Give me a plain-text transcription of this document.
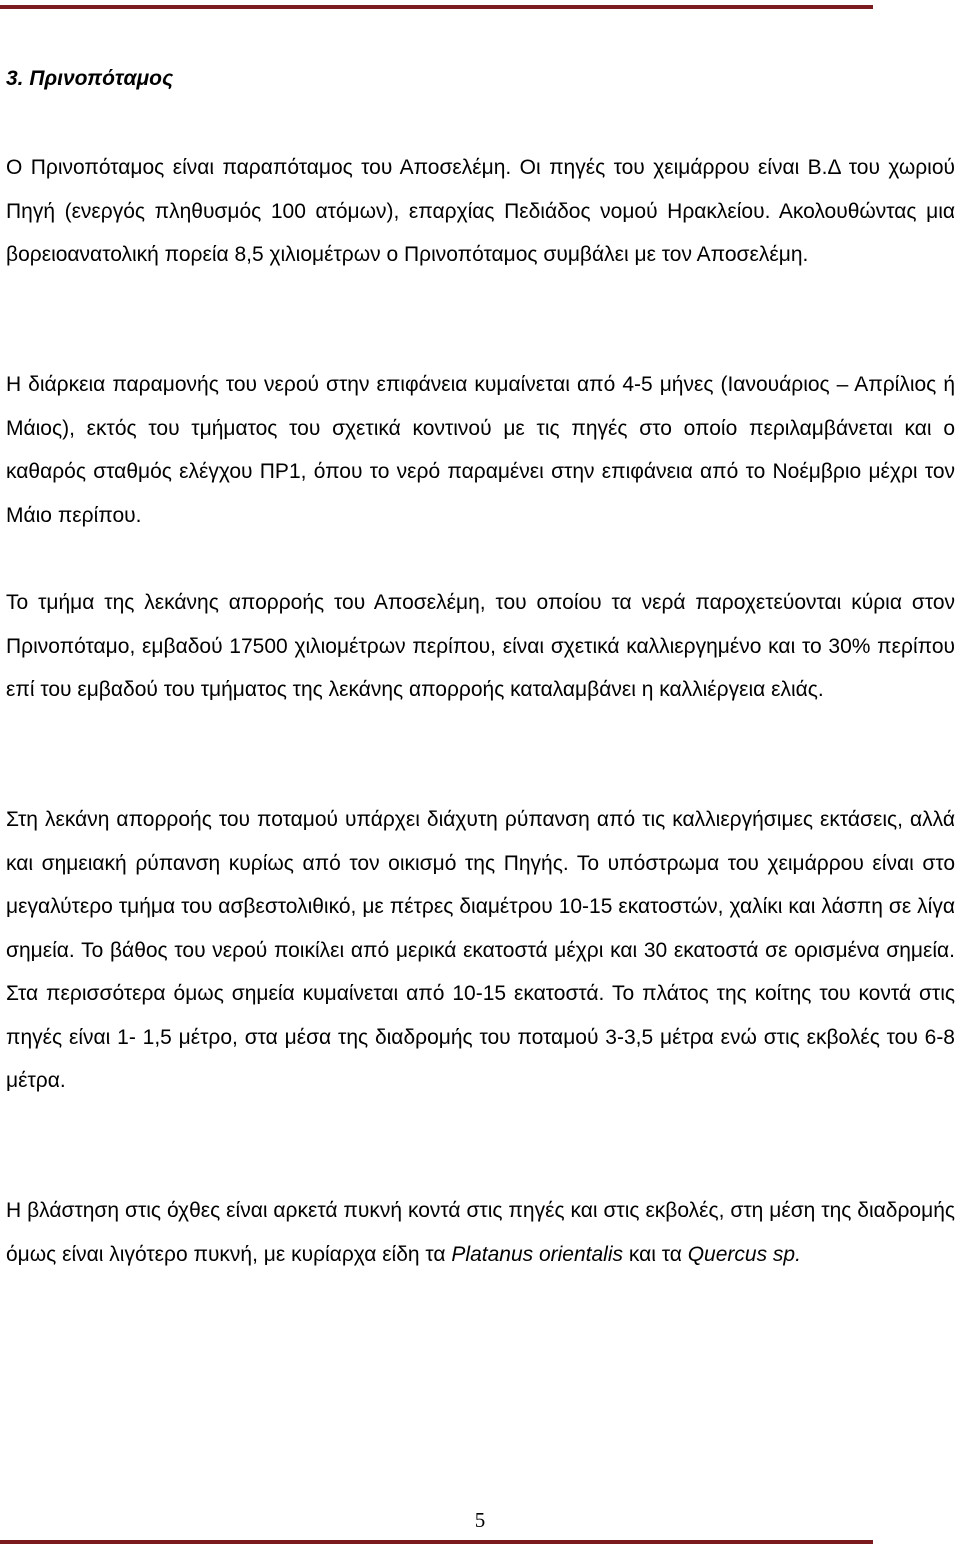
3. Πρινοπόταμος

Ο Πρινοπόταμος είναι παραπόταμος του Αποσελέμη. Οι πηγές του χειμάρρου είναι Β.Δ του χωριού Πηγή (ενεργός πληθυσμός 100 ατόμων), επαρχίας Πεδιάδος νομού Ηρακλείου. Ακολουθώντας μια βορειοανατολική πορεία 8,5 χιλιομέτρων ο Πρινοπόταμος συμβάλει με τον Αποσελέμη.

Η διάρκεια παραμονής του νερού στην επιφάνεια κυμαίνεται από 4-5 μήνες (Ιανουάριος – Απρίλιος ή Μάιος), εκτός του τμήματος του σχετικά κοντινού με τις πηγές στο οποίο περιλαμβάνεται και ο καθαρός σταθμός ελέγχου ΠΡ1, όπου το νερό παραμένει στην επιφάνεια από το Νοέμβριο μέχρι τον Μάιο περίπου.

Το τμήμα της λεκάνης απορροής του Αποσελέμη, του οποίου τα νερά παροχετεύονται κύρια στον Πρινοπόταμο, εμβαδού 17500 χιλιομέτρων περίπου, είναι σχετικά καλλιεργημένο και το 30% περίπου επί του εμβαδού του τμήματος της λεκάνης απορροής καταλαμβάνει η καλλιέργεια ελιάς.

Στη λεκάνη απορροής του ποταμού υπάρχει διάχυτη ρύπανση από τις καλλιεργήσιμες εκτάσεις, αλλά και σημειακή ρύπανση κυρίως από τον οικισμό της Πηγής. Το υπόστρωμα του χειμάρρου είναι στο μεγαλύτερο τμήμα του ασβεστολιθικό, με πέτρες διαμέτρου 10-15 εκατοστών, χαλίκι και λάσπη σε λίγα σημεία. Το βάθος του νερού ποικίλει από μερικά εκατοστά μέχρι και 30 εκατοστά σε ορισμένα σημεία. Στα περισσότερα όμως σημεία κυμαίνεται από 10-15 εκατοστά. Το πλάτος της κοίτης του κοντά στις πηγές είναι 1- 1,5 μέτρο, στα μέσα της διαδρομής του ποταμού 3-3,5 μέτρα ενώ στις εκβολές του 6-8 μέτρα.

Η βλάστηση στις όχθες είναι αρκετά πυκνή κοντά στις πηγές και στις εκβολές, στη μέση της διαδρομής όμως είναι λιγότερο πυκνή, με κυρίαρχα είδη τα Platanus orientalis και τα Quercus sp.

5
